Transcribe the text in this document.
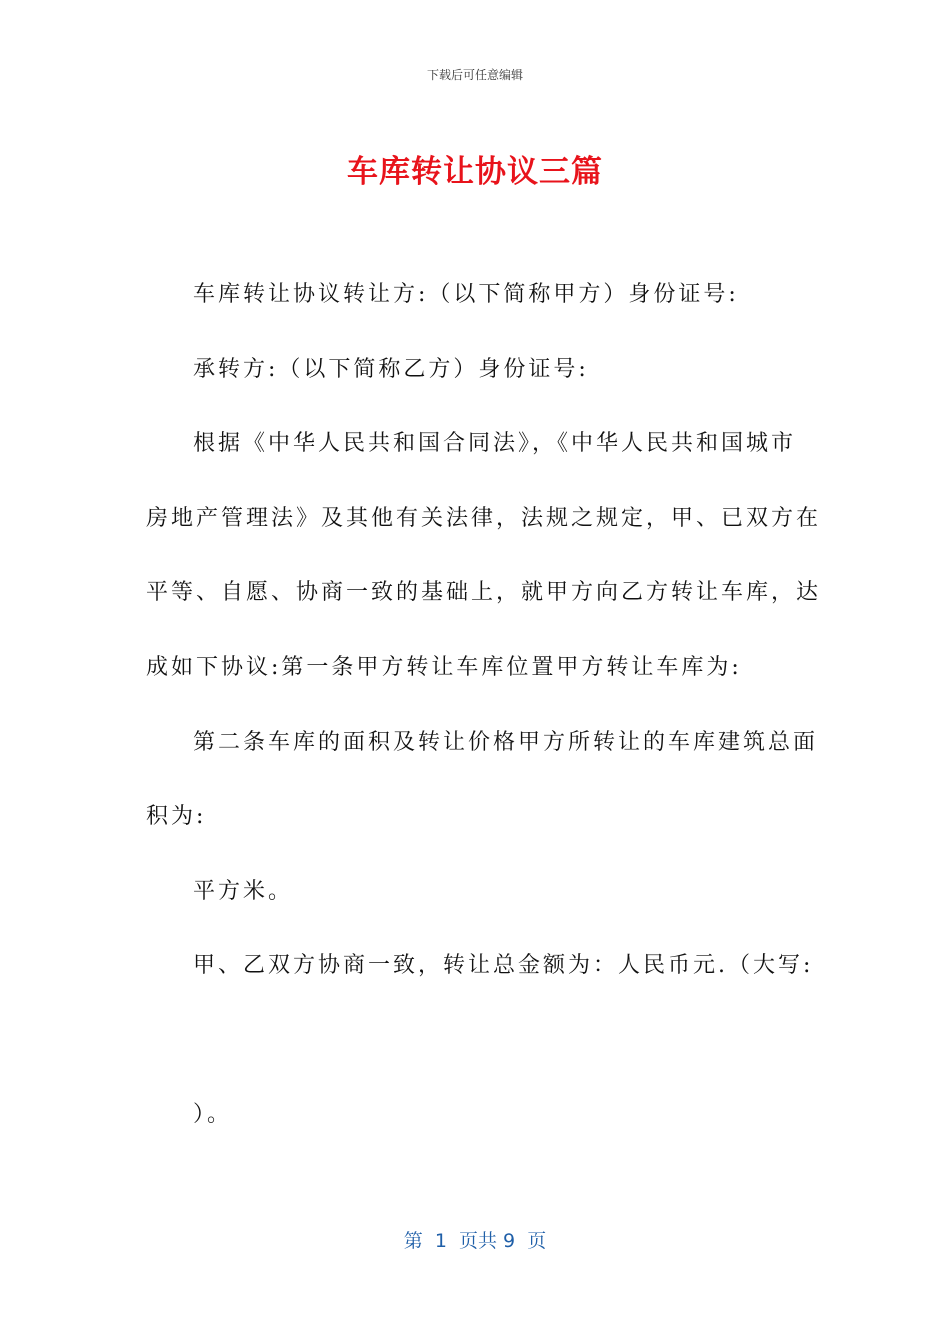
下载后可任意编辑
车库转让协议三篇
车库转让协议转让方:（以下简称甲方）身份证号:
承转方:（以下简称乙方）身份证号:
根据《中华人民共和国合同法》，《中华人民共和国城市
房地产管理法》及其他有关法律，法规之规定，甲、已双方在
平等、自愿、协商一致的基础上，就甲方向乙方转让车库，达
成如下协议:第一条甲方转让车库位置甲方转让车库为:
第二条车库的面积及转让价格甲方所转让的车库建筑总面
积为:
平方米。
甲、乙双方协商一致，转让总金额为：人民币元.（大写:
）。
第  1  页共 9  页
